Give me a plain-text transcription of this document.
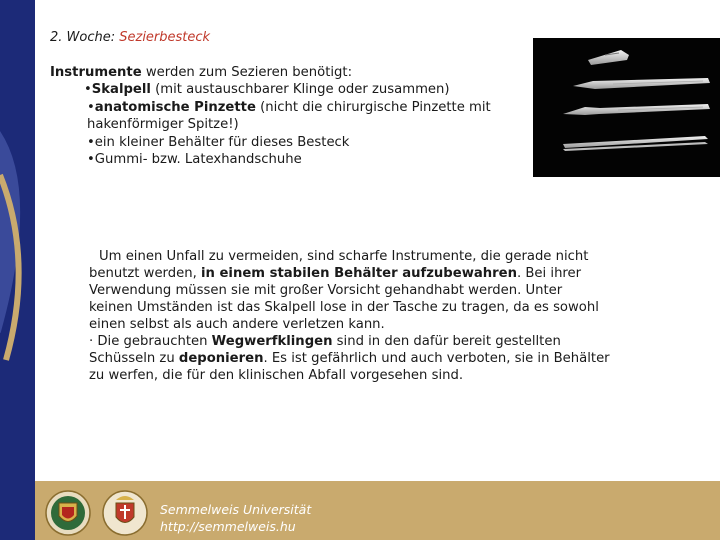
2. Woche: Sezierbesteck
Instrumente werden zum Sezieren benötigt:
•Skalpell (mit austauschbarer Klinge oder zusammen)
•anatomische Pinzette (nicht die chirurgische Pinzette mit
hakenförmiger Spitze!)
•ein kleiner Behälter für dieses Besteck
•Gummi- bzw. Latexhandschuhe
Um einen Unfall zu vermeiden, sind scharfe Instrumente, die gerade nicht
benutzt werden, in einem stabilen Behälter aufzubewahren. Bei ihrer
Verwendung müssen sie mit großer Vorsicht gehandhabt werden. Unter
keinen Umständen ist das Skalpell lose in der Tasche zu tragen, da es sowohl
einen selbst als auch andere verletzen kann.
· Die gebrauchten Wegwerfklingen sind in den dafür bereit gestellten
Schüsseln zu deponieren. Es ist gefährlich und auch verboten, sie in Behälter
zu werfen, die für den klinischen Abfall vorgesehen sind.
Semmelweis Universität
http://semmelweis.hu
